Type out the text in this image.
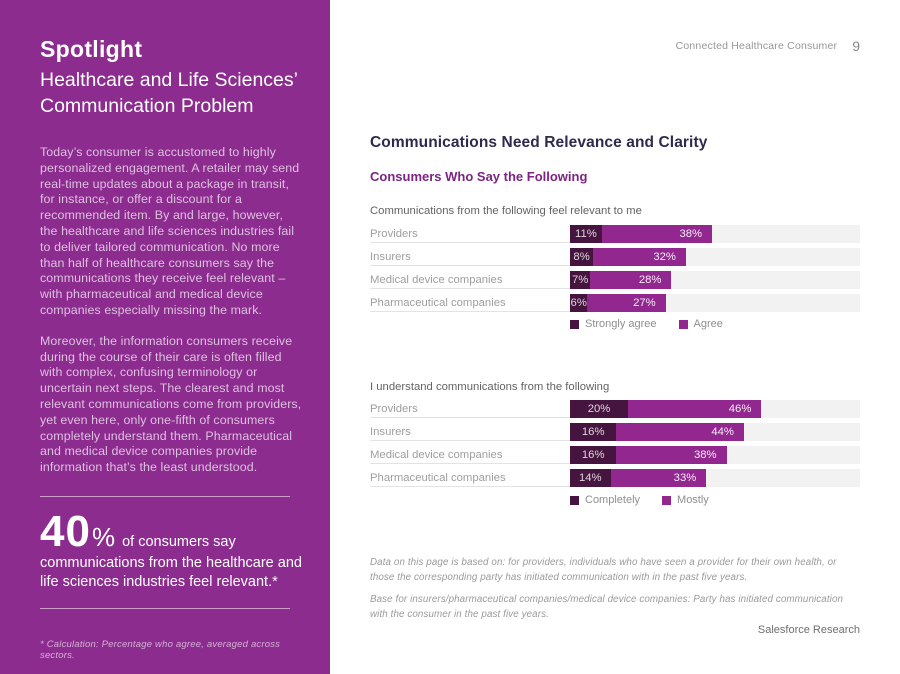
Spotlight
Healthcare and Life Sciences’
Communication Problem

Today’s consumer is accustomed to highly personalized engagement. A retailer may send real-time updates about a package in transit, for instance, or offer a discount for a recommended item. By and large, however, the healthcare and life sciences industries fail to deliver tailored communication. No more than half of healthcare consumers say the communications they receive feel relevant – with pharmaceutical and medical device companies especially missing the mark.

Moreover, the information consumers receive during the course of their care is often filled with complex, confusing terminology or uncertain next steps. The clearest and most relevant communications come from providers, yet even here, only one-fifth of consumers completely understand them. Pharmaceutical and medical device companies provide information that’s the least understood.

40 % of consumers say
communications from the healthcare and
life sciences industries feel relevant.*

* Calculation: Percentage who agree, averaged across sectors.

Connected Healthcare Consumer 9
Communications Need Relevance and Clarity
Consumers Who Say the Following
Communications from the following feel relevant to me
Providers	11%	38%
Insurers	8%	32%
Medical device companies	7%	28%
Pharmaceutical companies	6%	27%
Strongly agree	Agree
I understand communications from the following
Providers	20%	46%
Insurers	16%	44%
Medical device companies	16%	38%
Pharmaceutical companies	14%	33%
Completely	Mostly

Data on this page is based on: for providers, individuals who have seen a provider for their own health, or those the corresponding party has initiated communication with in the past five years.

Base for insurers/pharmaceutical companies/medical device companies: Party has initiated communication with the consumer in the past five years.

Salesforce Research
